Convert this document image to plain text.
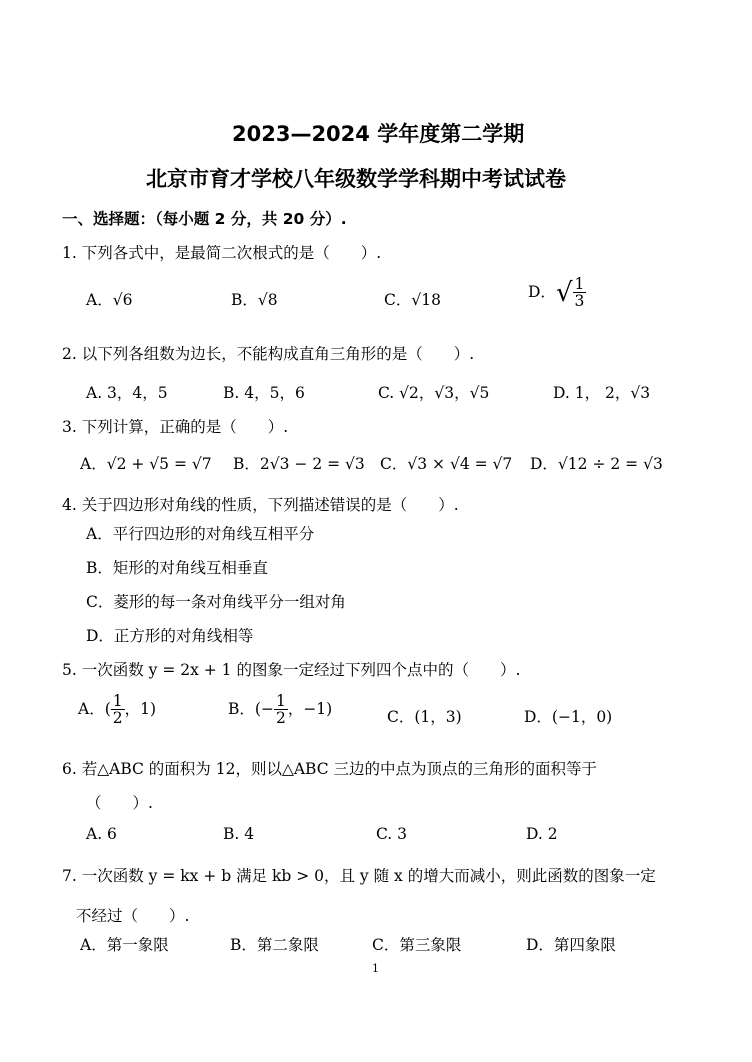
2023—2024 学年度第二学期
北京市育才学校八年级数学学科期中考试试卷
一、选择题：（每小题 2 分，共 20 分）.
1. 下列各式中，是最简二次根式的是（　　）.
A．√6	B．√8	C．√18	D．√ $\frac{1}{3}$
2. 以下列各组数为边长，不能构成直角三角形的是（　　）.
A. 3，4，5	B. 4，5，6	C. √2，√3，√5	D. 1， 2，√3
3. 下列计算，正确的是（　　）.
A．√2 + √5 = √7 B．2√3 − 2 = √3 C．√3 × √4 = √7 D．√12 ÷ 2 = √3
4. 关于四边形对角线的性质，下列描述错误的是（　　）.
A．平行四边形的对角线互相平分
B．矩形的对角线互相垂直
C．菱形的每一条对角线平分一组对角
D．正方形的对角线相等
5. 一次函数 y = 2x + 1 的图象一定经过下列四个点中的（　　）.
A．( $\frac{1}{2}$ ，1)	B．(− $\frac{1}{2}$ ，−1)	C．(1，3)	D．(−1，0)
6. 若△ABC 的面积为 12，则以△ABC 三边的中点为顶点的三角形的面积等于
（　　）.
A. 6	B. 4	C. 3	D. 2
7. 一次函数 y = kx + b 满足 kb > 0，且 y 随 x 的增大而减小，则此函数的图象一定
不经过（　　）.
A．第一象限	B．第二象限	C．第三象限	D．第四象限
1
